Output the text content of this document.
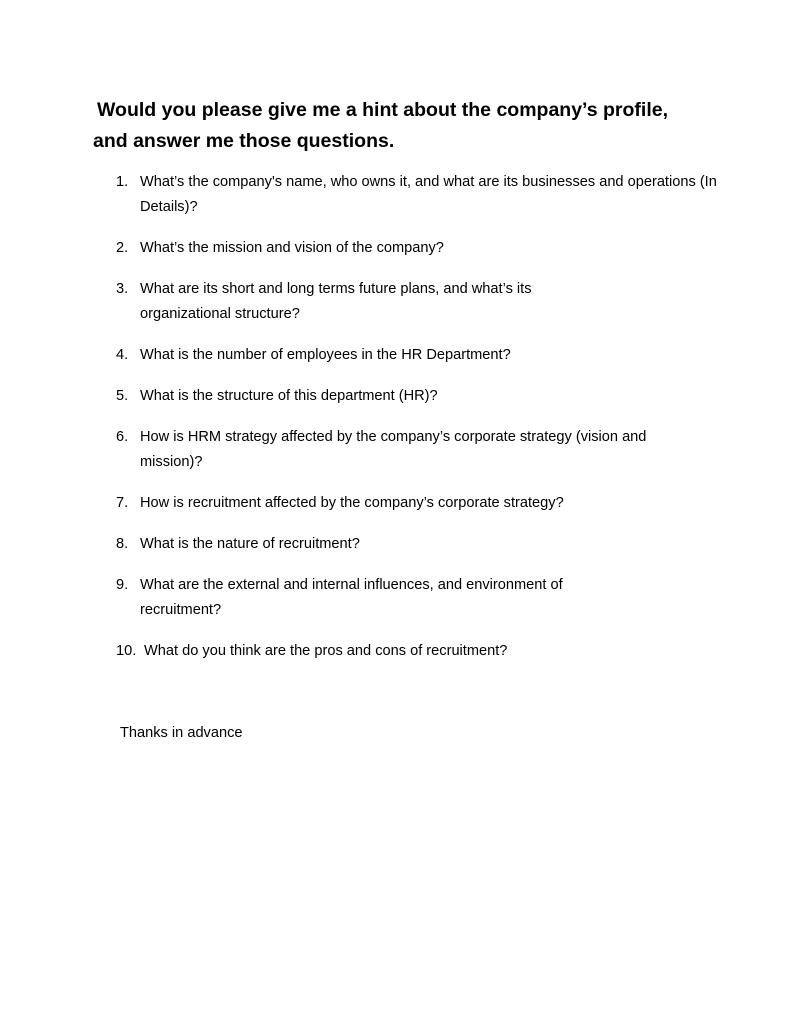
Would you please give me a hint about the company’s profile,
and answer me those questions.
1. What’s the company's name, who owns it, and what are its businesses and operations (In Details)?
2. What’s the mission and vision of the company?
3. What are its short and long terms future plans, and what’s its organizational structure?
4. What is the number of employees in the HR Department?
5. What is the structure of this department (HR)?
6. How is HRM strategy affected by the company’s corporate strategy (vision and mission)?
7. How is recruitment affected by the company’s corporate strategy?
8. What is the nature of recruitment?
9. What are the external and internal influences, and environment of recruitment?
10. What do you think are the pros and cons of recruitment?

Thanks in advance
